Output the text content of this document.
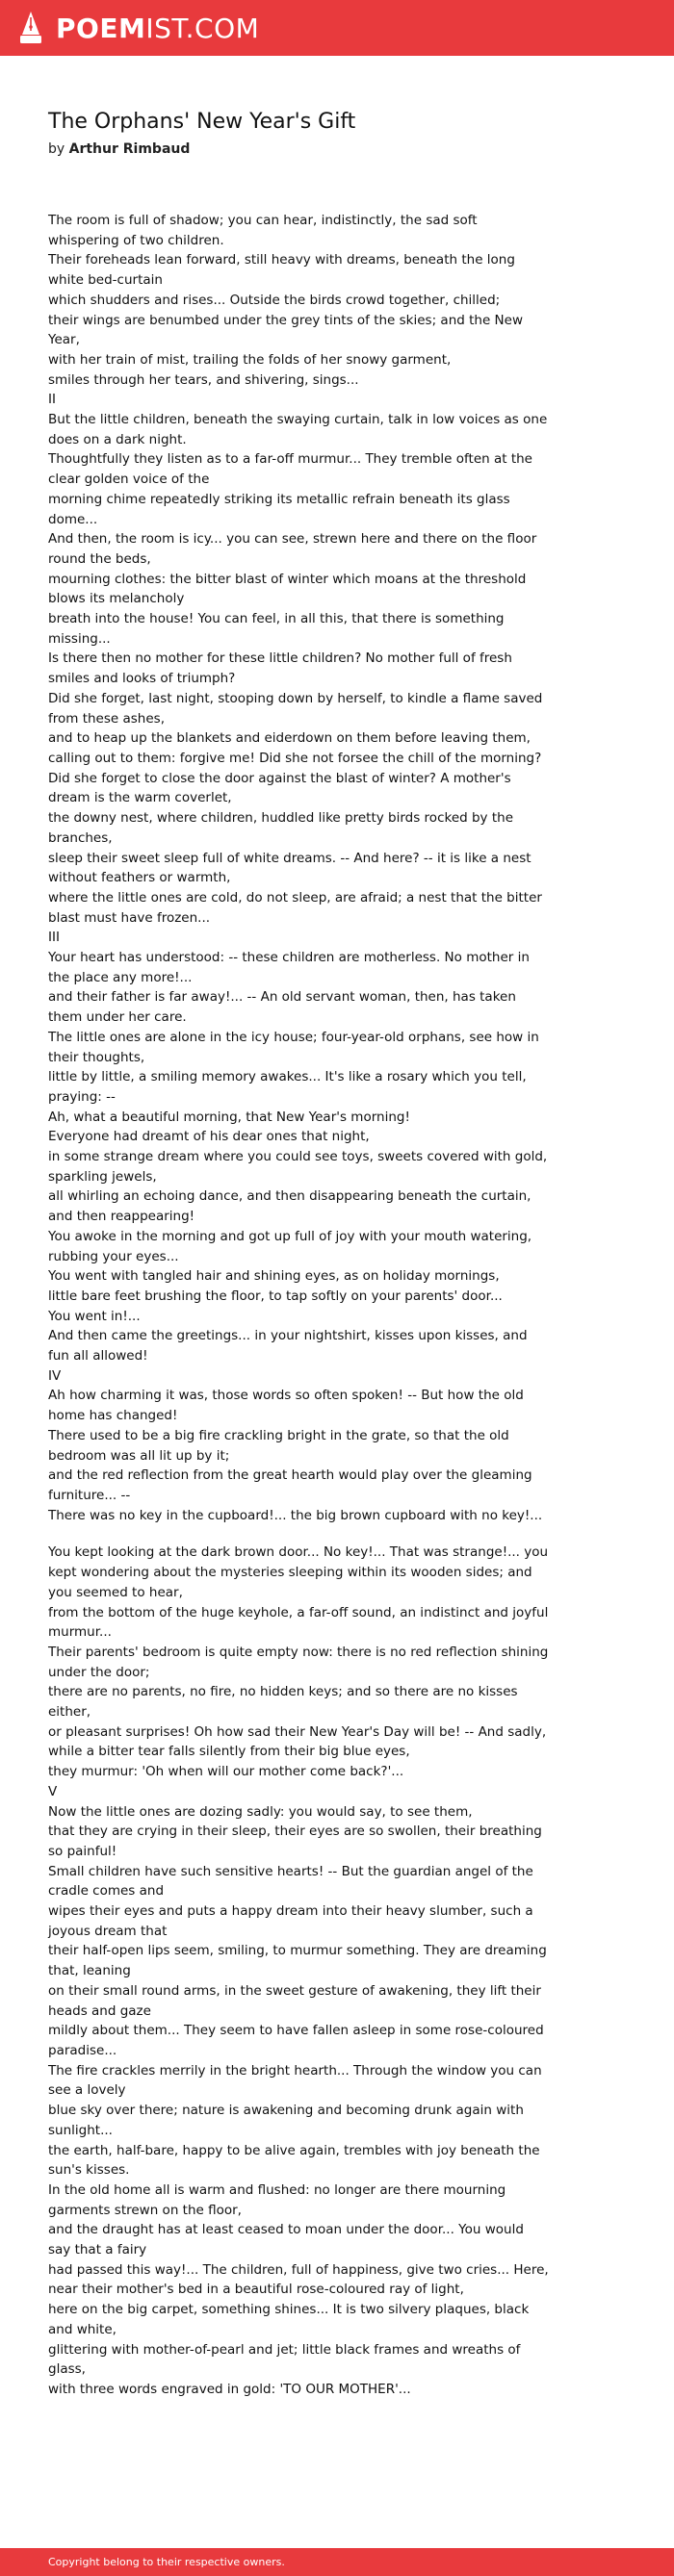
POEMIST.COM
The Orphans' New Year's Gift
by Arthur Rimbaud
The room is full of shadow; you can hear, indistinctly, the sad soft whispering of two children.
Their foreheads lean forward, still heavy with dreams, beneath the long white bed-curtain
which shudders and rises... Outside the birds crowd together, chilled;
their wings are benumbed under the grey tints of the skies; and the New Year,
with her train of mist, trailing the folds of her snowy garment,
smiles through her tears, and shivering, sings...
II
But the little children, beneath the swaying curtain, talk in low voices as one does on a dark night.
Thoughtfully they listen as to a far-off murmur... They tremble often at the clear golden voice of the
morning chime repeatedly striking its metallic refrain beneath its glass dome...
And then, the room is icy... you can see, strewn here and there on the floor round the beds,
mourning clothes: the bitter blast of winter which moans at the threshold blows its melancholy
breath into the house! You can feel, in all this, that there is something missing...
Is there then no mother for these little children? No mother full of fresh smiles and looks of triumph?
Did she forget, last night, stooping down by herself, to kindle a flame saved from these ashes,
and to heap up the blankets and eiderdown on them before leaving them, calling out to them: forgive me! Did she not forsee the chill of the morning?
Did she forget to close the door against the blast of winter? A mother's dream is the warm coverlet,
the downy nest, where children, huddled like pretty birds rocked by the branches,
sleep their sweet sleep full of white dreams. -- And here? -- it is like a nest without feathers or warmth,
where the little ones are cold, do not sleep, are afraid; a nest that the bitter blast must have frozen...
III
Your heart has understood: -- these children are motherless. No mother in the place any more!...
and their father is far away!... -- An old servant woman, then, has taken them under her care.
The little ones are alone in the icy house; four-year-old orphans, see how in their thoughts,
little by little, a smiling memory awakes... It's like a rosary which you tell, praying: --
Ah, what a beautiful morning, that New Year's morning!
Everyone had dreamt of his dear ones that night,
in some strange dream where you could see toys, sweets covered with gold, sparkling jewels,
all whirling an echoing dance, and then disappearing beneath the curtain, and then reappearing!
You awoke in the morning and got up full of joy with your mouth watering, rubbing your eyes...
You went with tangled hair and shining eyes, as on holiday mornings,
little bare feet brushing the floor, to tap softly on your parents' door...
You went in!...
And then came the greetings... in your nightshirt, kisses upon kisses, and fun all allowed!
IV
Ah how charming it was, those words so often spoken! -- But how the old home has changed!
There used to be a big fire crackling bright in the grate, so that the old bedroom was all lit up by it;
and the red reflection from the great hearth would play over the gleaming furniture... --
There was no key in the cupboard!... the big brown cupboard with no key!...
You kept looking at the dark brown door... No key!... That was strange!... you kept wondering about the mysteries sleeping within its wooden sides; and you seemed to hear,
from the bottom of the huge keyhole, a far-off sound, an indistinct and joyful murmur...
Their parents' bedroom is quite empty now: there is no red reflection shining under the door;
there are no parents, no fire, no hidden keys; and so there are no kisses either,
or pleasant surprises! Oh how sad their New Year's Day will be! -- And sadly,
while a bitter tear falls silently from their big blue eyes,
they murmur: 'Oh when will our mother come back?'...
V
Now the little ones are dozing sadly: you would say, to see them,
that they are crying in their sleep, their eyes are so swollen, their breathing so painful!
Small children have such sensitive hearts! -- But the guardian angel of the cradle comes and
wipes their eyes and puts a happy dream into their heavy slumber, such a joyous dream that
their half-open lips seem, smiling, to murmur something. They are dreaming that, leaning
on their small round arms, in the sweet gesture of awakening, they lift their heads and gaze
mildly about them... They seem to have fallen asleep in some rose-coloured paradise...
The fire crackles merrily in the bright hearth... Through the window you can see a lovely
blue sky over there; nature is awakening and becoming drunk again with sunlight...
the earth, half-bare, happy to be alive again, trembles with joy beneath the sun's kisses.
In the old home all is warm and flushed: no longer are there mourning garments strewn on the floor,
and the draught has at least ceased to moan under the door... You would say that a fairy
had passed this way!... The children, full of happiness, give two cries... Here, near their mother's bed in a beautiful rose-coloured ray of light,
here on the big carpet, something shines... It is two silvery plaques, black and white,
glittering with mother-of-pearl and jet; little black frames and wreaths of glass,
with three words engraved in gold: 'TO OUR MOTHER'...
Copyright belong to their respective owners.
